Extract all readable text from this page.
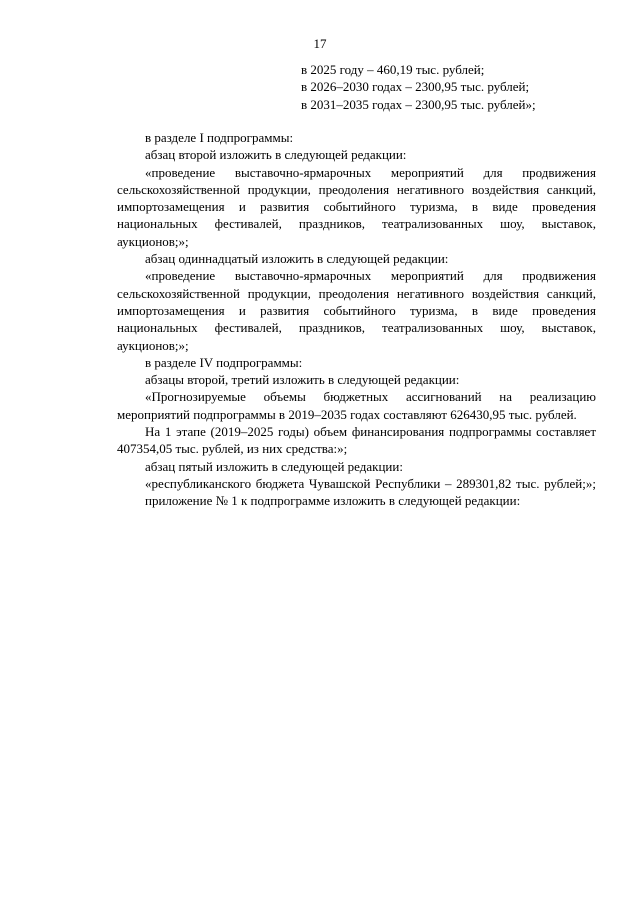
17
в 2025 году – 460,19 тыс. рублей;
в 2026–2030 годах – 2300,95 тыс. рублей;
в 2031–2035 годах – 2300,95 тыс. рублей»;

в разделе I подпрограммы:

абзац второй изложить в следующей редакции:

«проведение выставочно-ярмарочных мероприятий для продвижения сельскохозяйственной продукции, преодоления негативного воздействия санкций, импортозамещения и развития событийного туризма, в виде проведения национальных фестивалей, праздников, театрализованных шоу, выставок, аукционов;»;

абзац одиннадцатый изложить в следующей редакции:

«проведение выставочно-ярмарочных мероприятий для продвижения сельскохозяйственной продукции, преодоления негативного воздействия санкций, импортозамещения и развития событийного туризма, в виде проведения национальных фестивалей, праздников, театрализованных шоу, выставок, аукционов;»;

в разделе IV подпрограммы:

абзацы второй, третий изложить в следующей редакции:

«Прогнозируемые объемы бюджетных ассигнований на реализацию мероприятий подпрограммы в 2019–2035 годах составляют 626430,95 тыс. рублей.

На 1 этапе (2019–2025 годы) объем финансирования подпрограммы составляет 407354,05 тыс. рублей, из них средства:»;

абзац пятый изложить в следующей редакции:

«республиканского бюджета Чувашской Республики – 289301,82 тыс. рублей;»;

приложение № 1 к подпрограмме изложить в следующей редакции:
